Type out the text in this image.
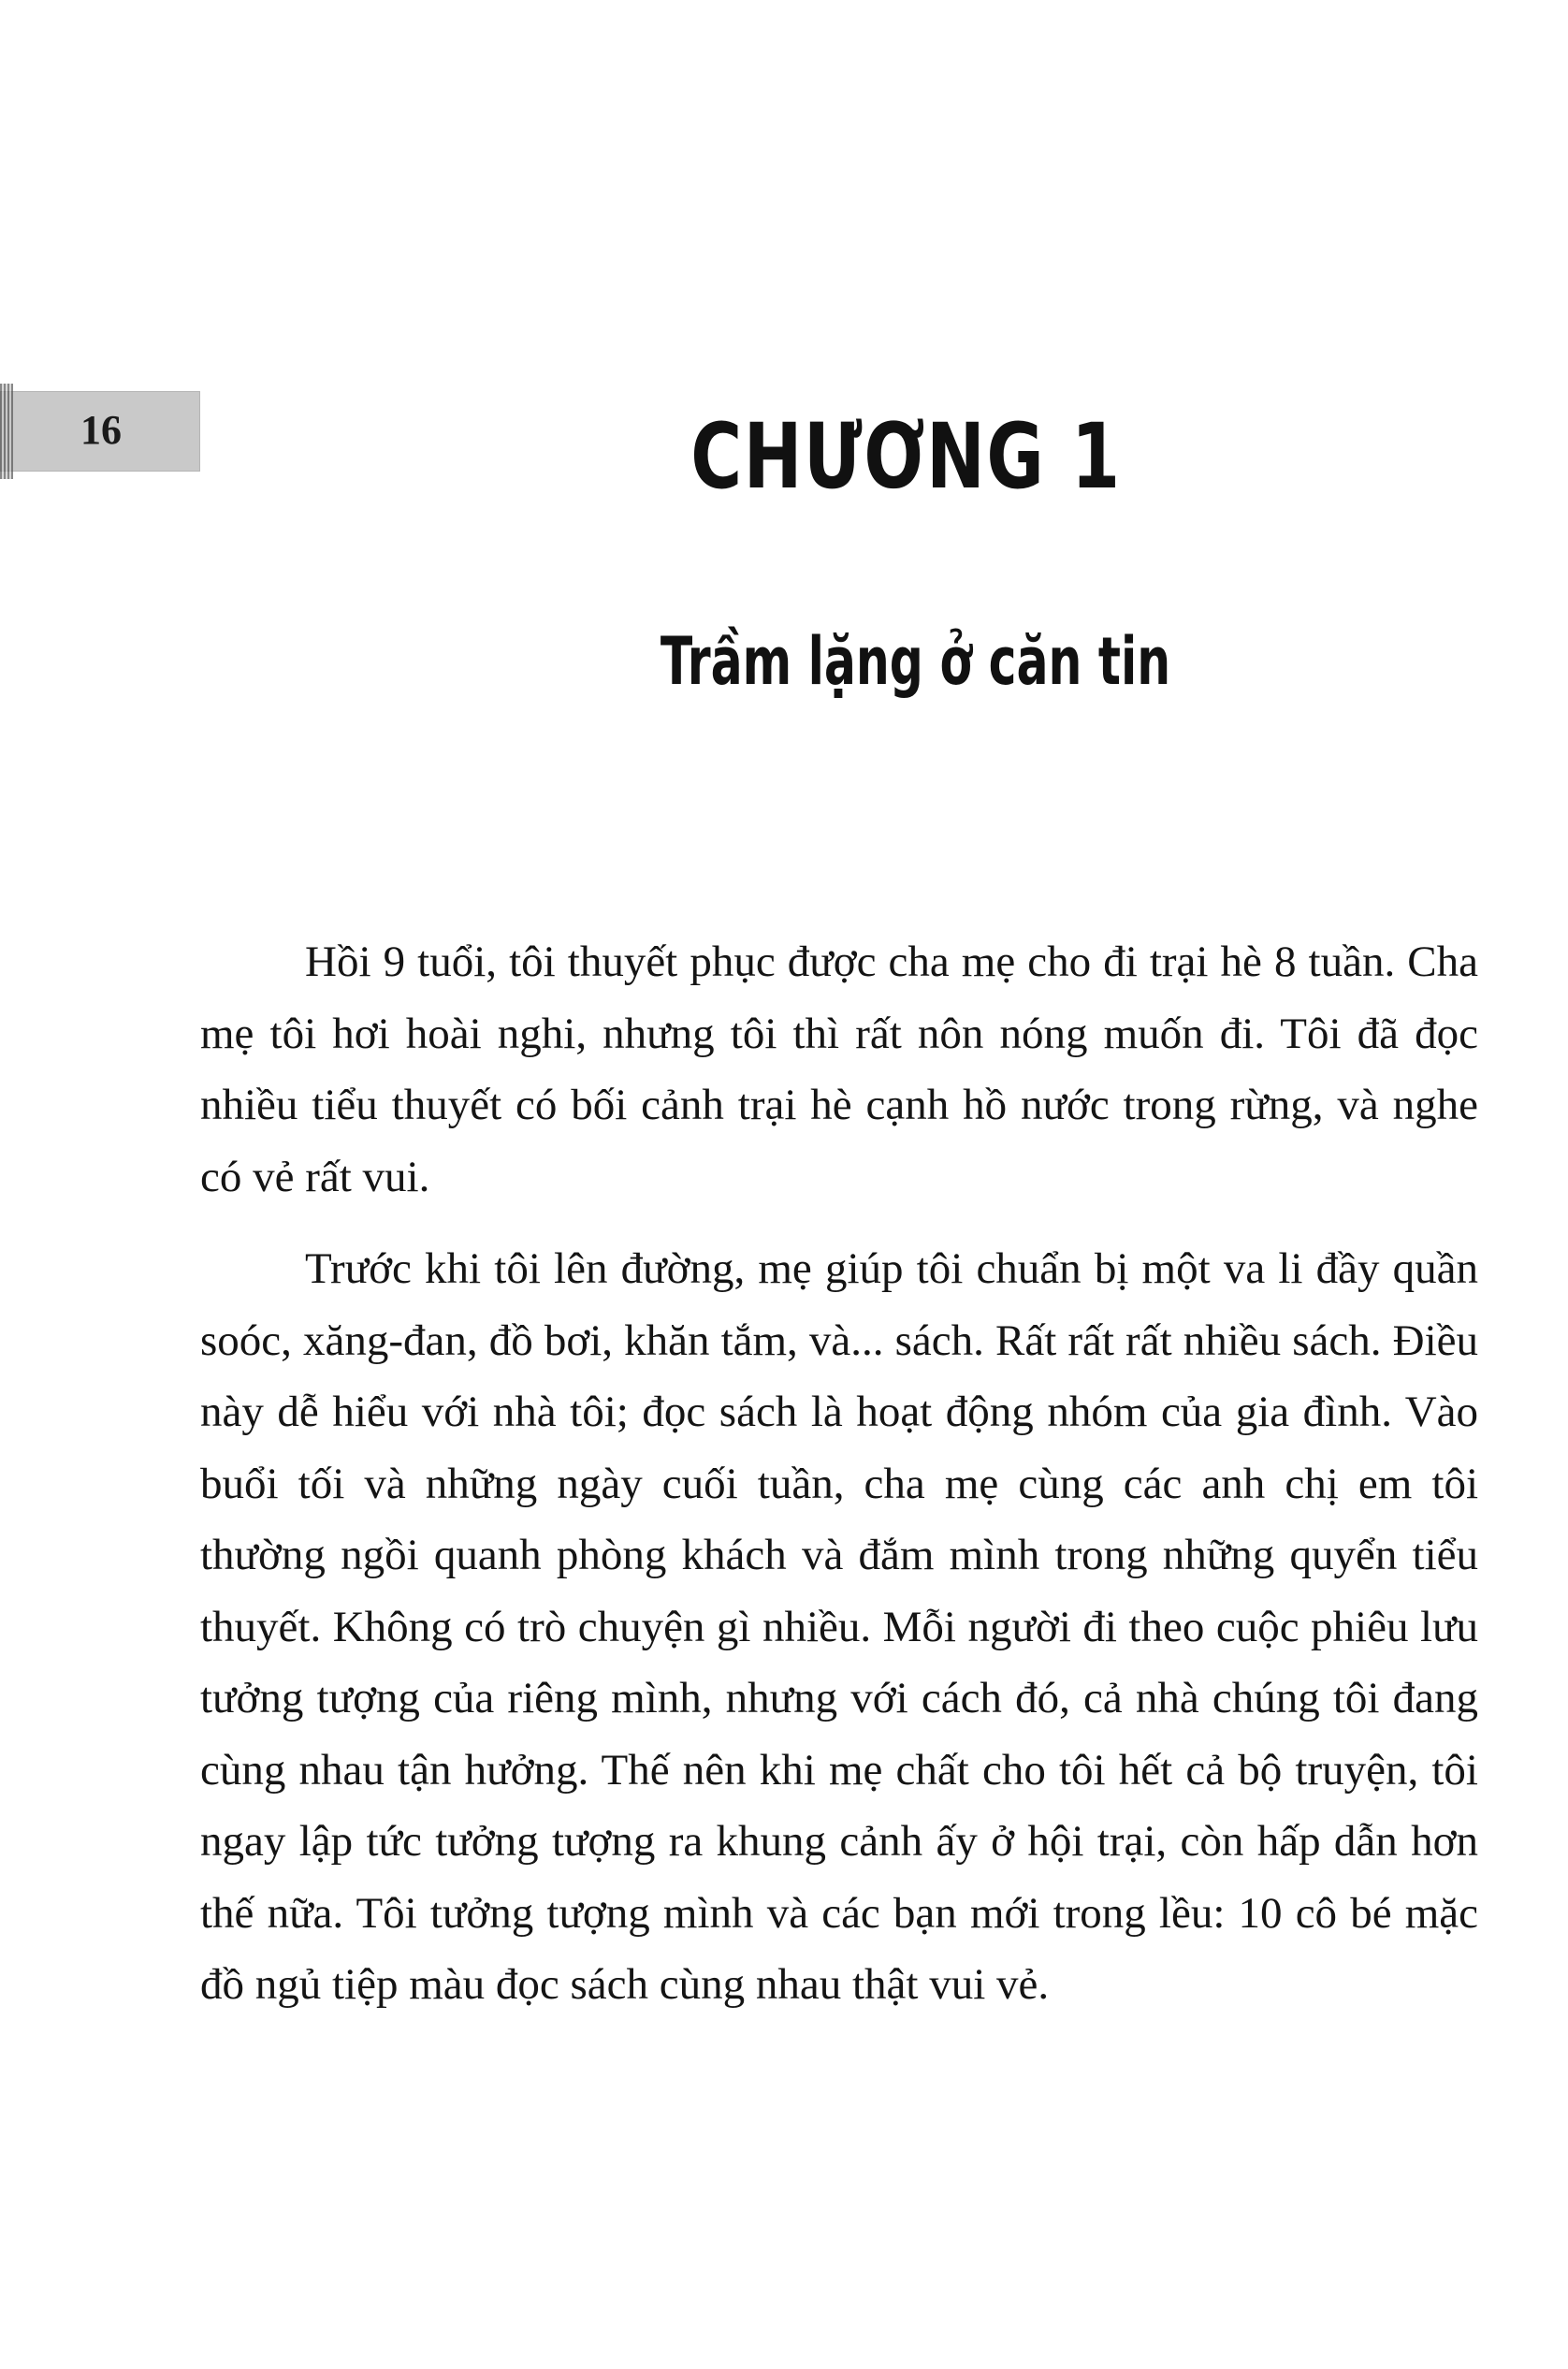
16	CHƯƠNG 1
Trầm lặng ở căn tin

Hồi 9 tuổi, tôi thuyết phục được cha mẹ cho đi trại hè 8 tuần. Cha mẹ tôi hơi hoài nghi, nhưng tôi thì rất nôn nóng muốn đi. Tôi đã đọc nhiều tiểu thuyết có bối cảnh trại hè cạnh hồ nước trong rừng, và nghe có vẻ rất vui.

Trước khi tôi lên đường, mẹ giúp tôi chuẩn bị một va li đầy quần soóc, xăng-đan, đồ bơi, khăn tắm, và... sách. Rất rất rất nhiều sách. Điều này dễ hiểu với nhà tôi; đọc sách là hoạt động nhóm của gia đình. Vào buổi tối và những ngày cuối tuần, cha mẹ cùng các anh chị em tôi thường ngồi quanh phòng khách và đắm mình trong những quyển tiểu thuyết. Không có trò chuyện gì nhiều. Mỗi người đi theo cuộc phiêu lưu tưởng tượng của riêng mình, nhưng với cách đó, cả nhà chúng tôi đang cùng nhau tận hưởng. Thế nên khi mẹ chất cho tôi hết cả bộ truyện, tôi ngay lập tức tưởng tượng ra khung cảnh ấy ở hội trại, còn hấp dẫn hơn thế nữa. Tôi tưởng tượng mình và các bạn mới trong lều: 10 cô bé mặc đồ ngủ tiệp màu đọc sách cùng nhau thật vui vẻ.
